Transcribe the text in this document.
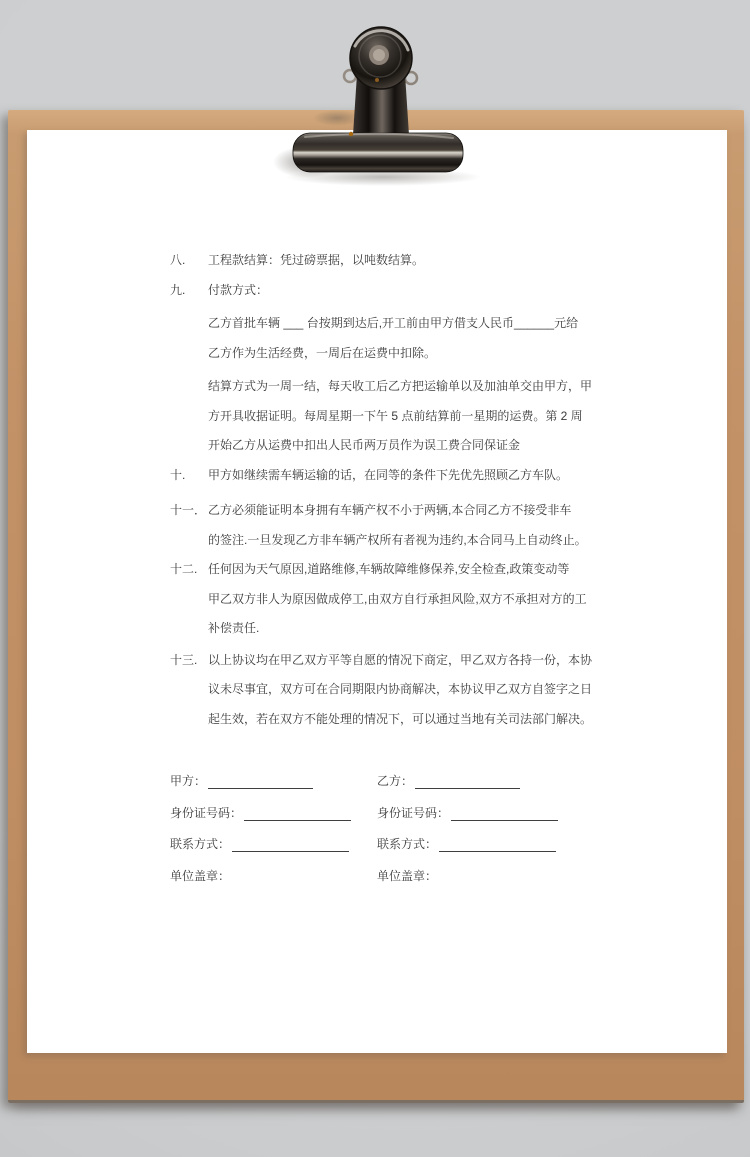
八.	工程款结算：凭过磅票据，以吨数结算。
九.	付款方式：
乙方首批车辆 ___ 台按期到达后,开工前由甲方借支人民币______元给
乙方作为生活经费，一周后在运费中扣除。
结算方式为一周一结，每天收工后乙方把运输单以及加油单交由甲方，甲
方开具收据证明。每周星期一下午 5 点前结算前一星期的运费。第 2 周
开始乙方从运费中扣出人民币两万员作为误工费合同保证金
十.	甲方如继续需车辆运输的话，在同等的条件下先优先照顾乙方车队。
十一． 乙方必须能证明本身拥有车辆产权不小于两辆,本合同乙方不接受非车
的签注.一旦发现乙方非车辆产权所有者视为违约,本合同马上自动终止。
十二. 任何因为天气原因,道路维修,车辆故障维修保养,安全检查,政策变动等
甲乙双方非人为原因做成停工,由双方自行承担风险,双方不承担对方的工
补偿责任.
十三. 以上协议均在甲乙双方平等自愿的情况下商定，甲乙双方各持一份，本协
议未尽事宜，双方可在合同期限内协商解决，本协议甲乙双方自签字之日
起生效，若在双方不能处理的情况下，可以通过当地有关司法部门解决。
甲方：	乙方：
身份证号码：	身份证号码：
联系方式：	联系方式：
单位盖章：	单位盖章：
